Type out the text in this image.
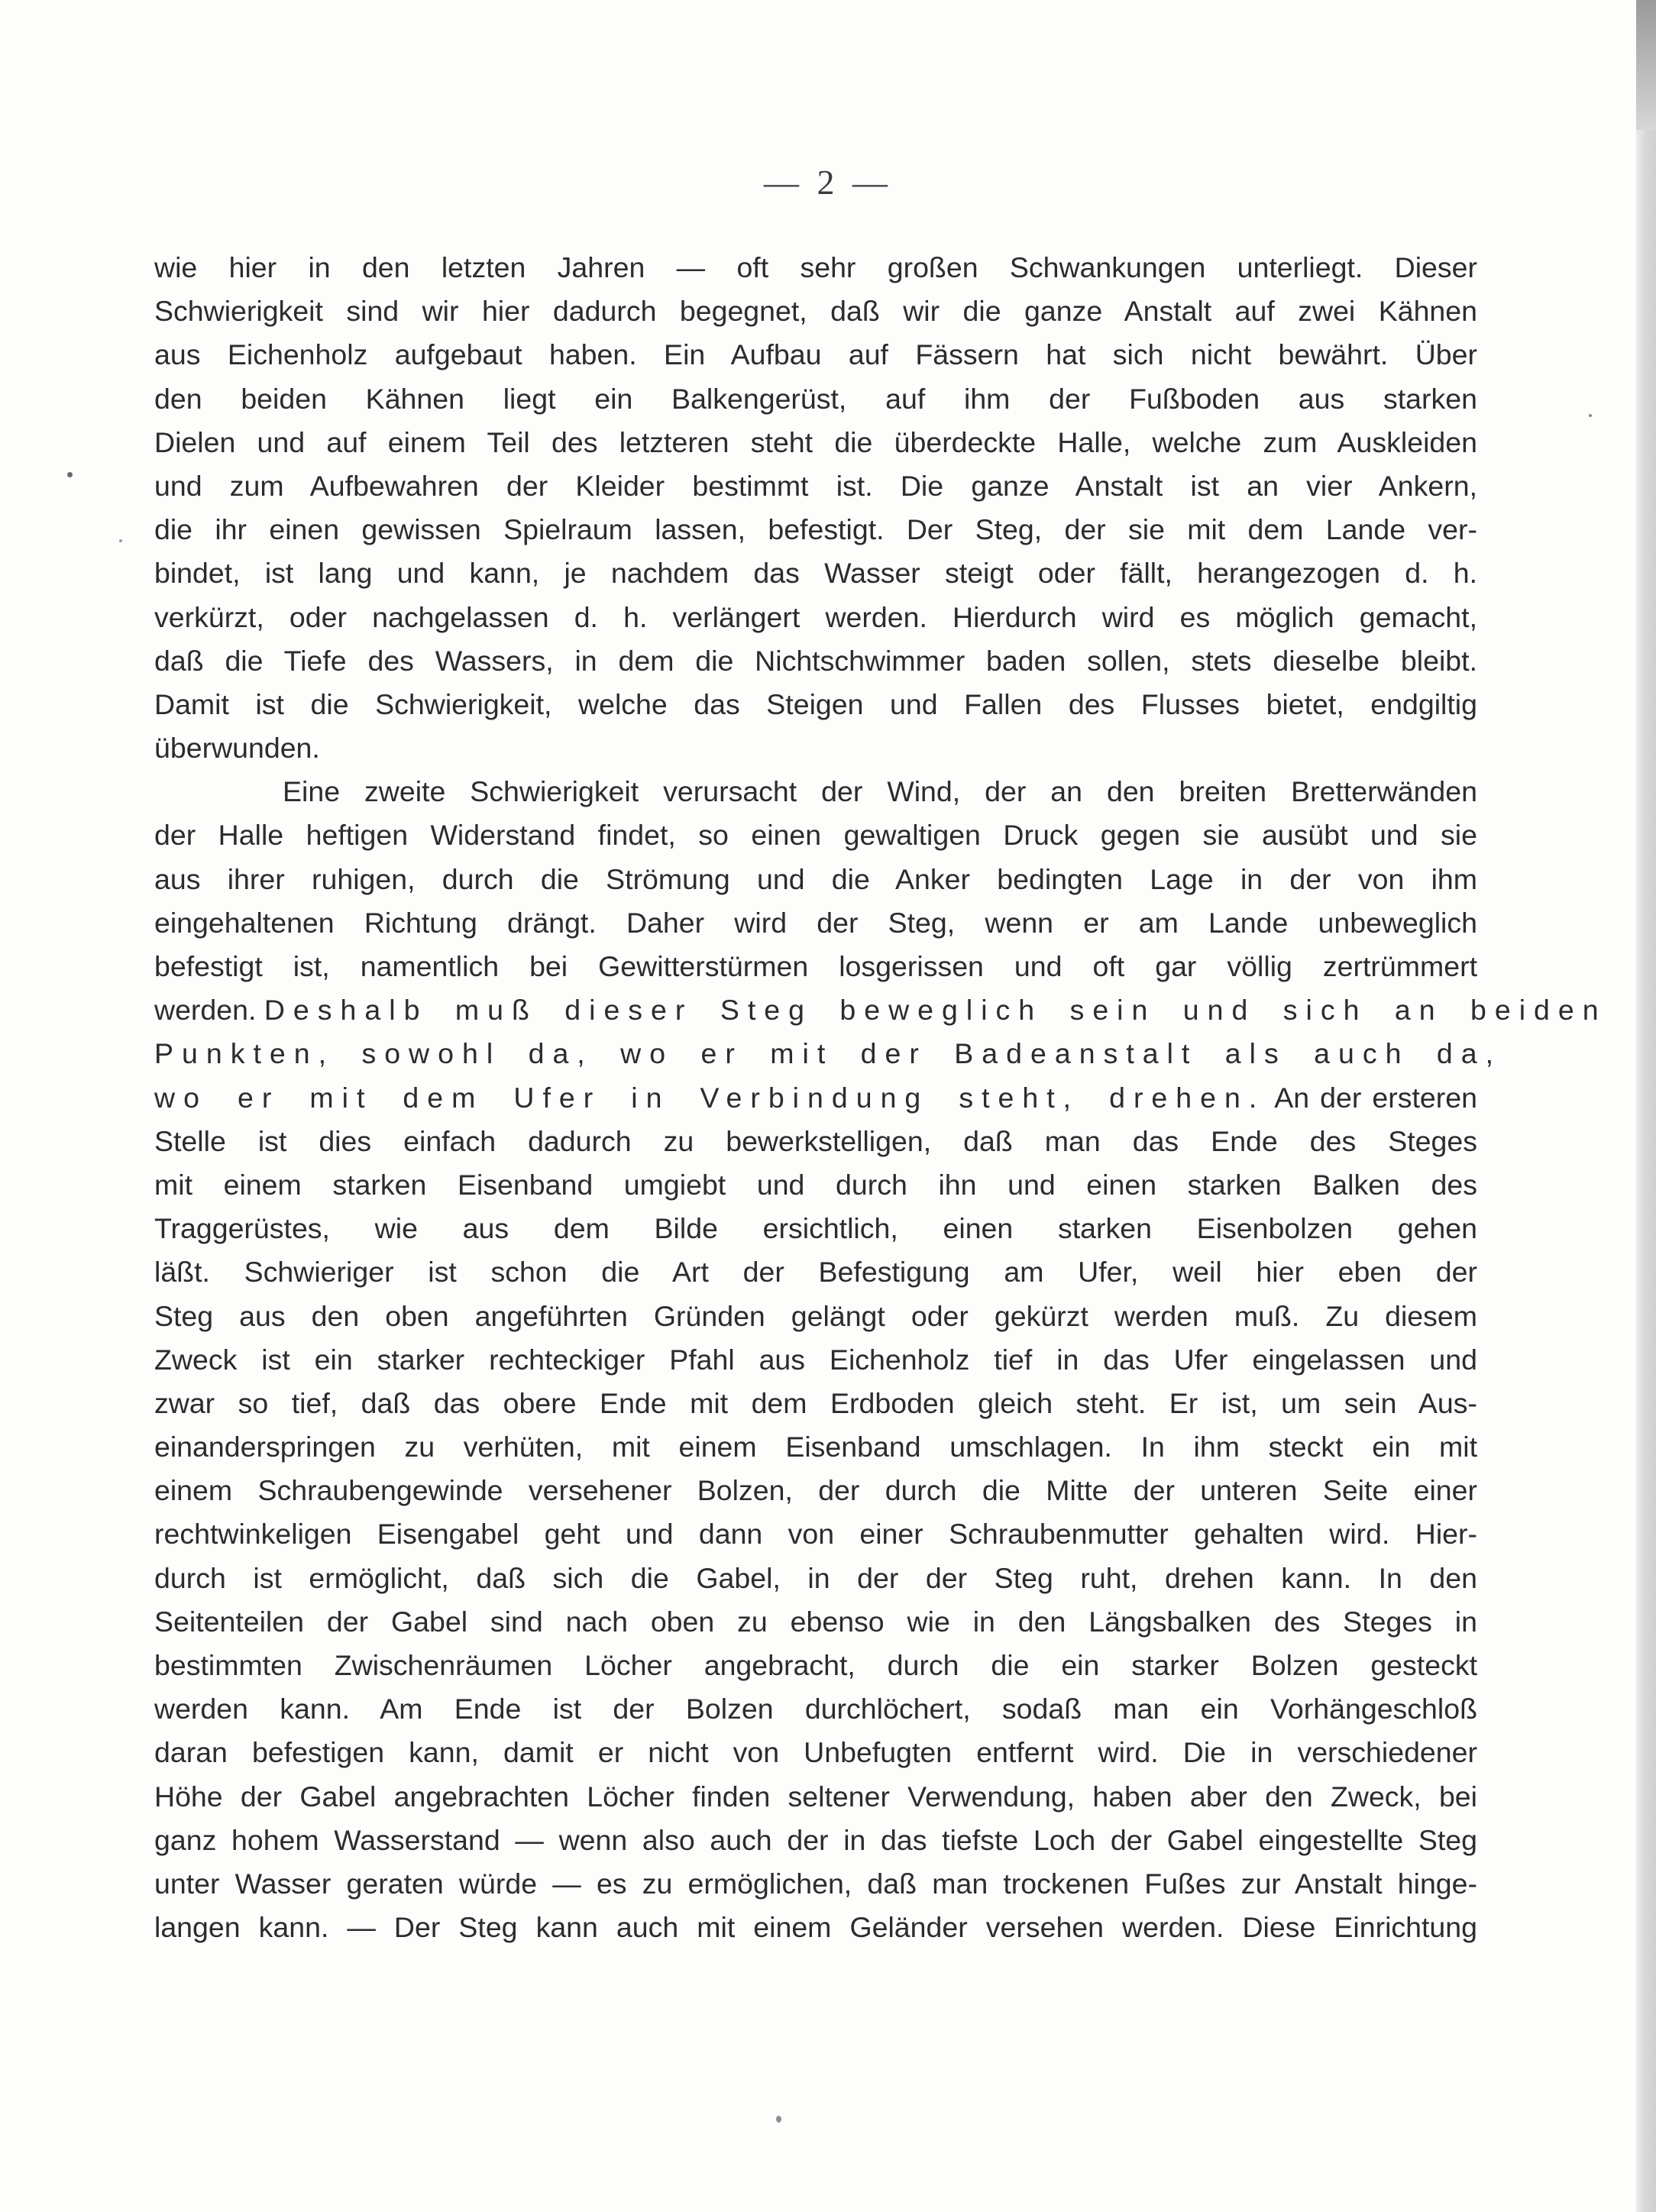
— 2 —
wie hier in den letzten Jahren — oft sehr großen Schwankungen unterliegt. Dieser
Schwierigkeit sind wir hier dadurch begegnet, daß wir die ganze Anstalt auf zwei Kähnen
aus Eichenholz aufgebaut haben. Ein Aufbau auf Fässern hat sich nicht bewährt. Über
den beiden Kähnen liegt ein Balkengerüst, auf ihm der Fußboden aus starken
Dielen und auf einem Teil des letzteren steht die überdeckte Halle, welche zum Auskleiden
und zum Aufbewahren der Kleider bestimmt ist. Die ganze Anstalt ist an vier Ankern,
die ihr einen gewissen Spielraum lassen, befestigt. Der Steg, der sie mit dem Lande ver-
bindet, ist lang und kann, je nachdem das Wasser steigt oder fällt, herangezogen d. h.
verkürzt, oder nachgelassen d. h. verlängert werden. Hierdurch wird es möglich gemacht,
daß die Tiefe des Wassers, in dem die Nichtschwimmer baden sollen, stets dieselbe bleibt.
Damit ist die Schwierigkeit, welche das Steigen und Fallen des Flusses bietet, endgiltig
überwunden.
Eine zweite Schwierigkeit verursacht der Wind, der an den breiten Bretterwänden
der Halle heftigen Widerstand findet, so einen gewaltigen Druck gegen sie ausübt und sie
aus ihrer ruhigen, durch die Strömung und die Anker bedingten Lage in der von ihm
eingehaltenen Richtung drängt. Daher wird der Steg, wenn er am Lande unbeweglich
befestigt ist, namentlich bei Gewitterstürmen losgerissen und oft gar völlig zertrümmert
werden. Deshalb muß dieser Steg beweglich sein und sich an beiden
Punkten, sowohl da, wo er mit der Badeanstalt als auch da,
wo er mit dem Ufer in Verbindung steht, drehen. An der ersteren
Stelle ist dies einfach dadurch zu bewerkstelligen, daß man das Ende des Steges
mit einem starken Eisenband umgiebt und durch ihn und einen starken Balken des
Traggerüstes, wie aus dem Bilde ersichtlich, einen starken Eisenbolzen gehen
läßt. Schwieriger ist schon die Art der Befestigung am Ufer, weil hier eben der
Steg aus den oben angeführten Gründen gelängt oder gekürzt werden muß. Zu diesem
Zweck ist ein starker rechteckiger Pfahl aus Eichenholz tief in das Ufer eingelassen und
zwar so tief, daß das obere Ende mit dem Erdboden gleich steht. Er ist, um sein Aus-
einanderspringen zu verhüten, mit einem Eisenband umschlagen. In ihm steckt ein mit
einem Schraubengewinde versehener Bolzen, der durch die Mitte der unteren Seite einer
rechtwinkeligen Eisengabel geht und dann von einer Schraubenmutter gehalten wird. Hier-
durch ist ermöglicht, daß sich die Gabel, in der der Steg ruht, drehen kann. In den
Seitenteilen der Gabel sind nach oben zu ebenso wie in den Längsbalken des Steges in
bestimmten Zwischenräumen Löcher angebracht, durch die ein starker Bolzen gesteckt
werden kann. Am Ende ist der Bolzen durchlöchert, sodaß man ein Vorhängeschloß
daran befestigen kann, damit er nicht von Unbefugten entfernt wird. Die in verschiedener
Höhe der Gabel angebrachten Löcher finden seltener Verwendung, haben aber den Zweck, bei
ganz hohem Wasserstand — wenn also auch der in das tiefste Loch der Gabel eingestellte Steg
unter Wasser geraten würde — es zu ermöglichen, daß man trockenen Fußes zur Anstalt hinge-
langen kann. — Der Steg kann auch mit einem Geländer versehen werden. Diese Einrichtung
